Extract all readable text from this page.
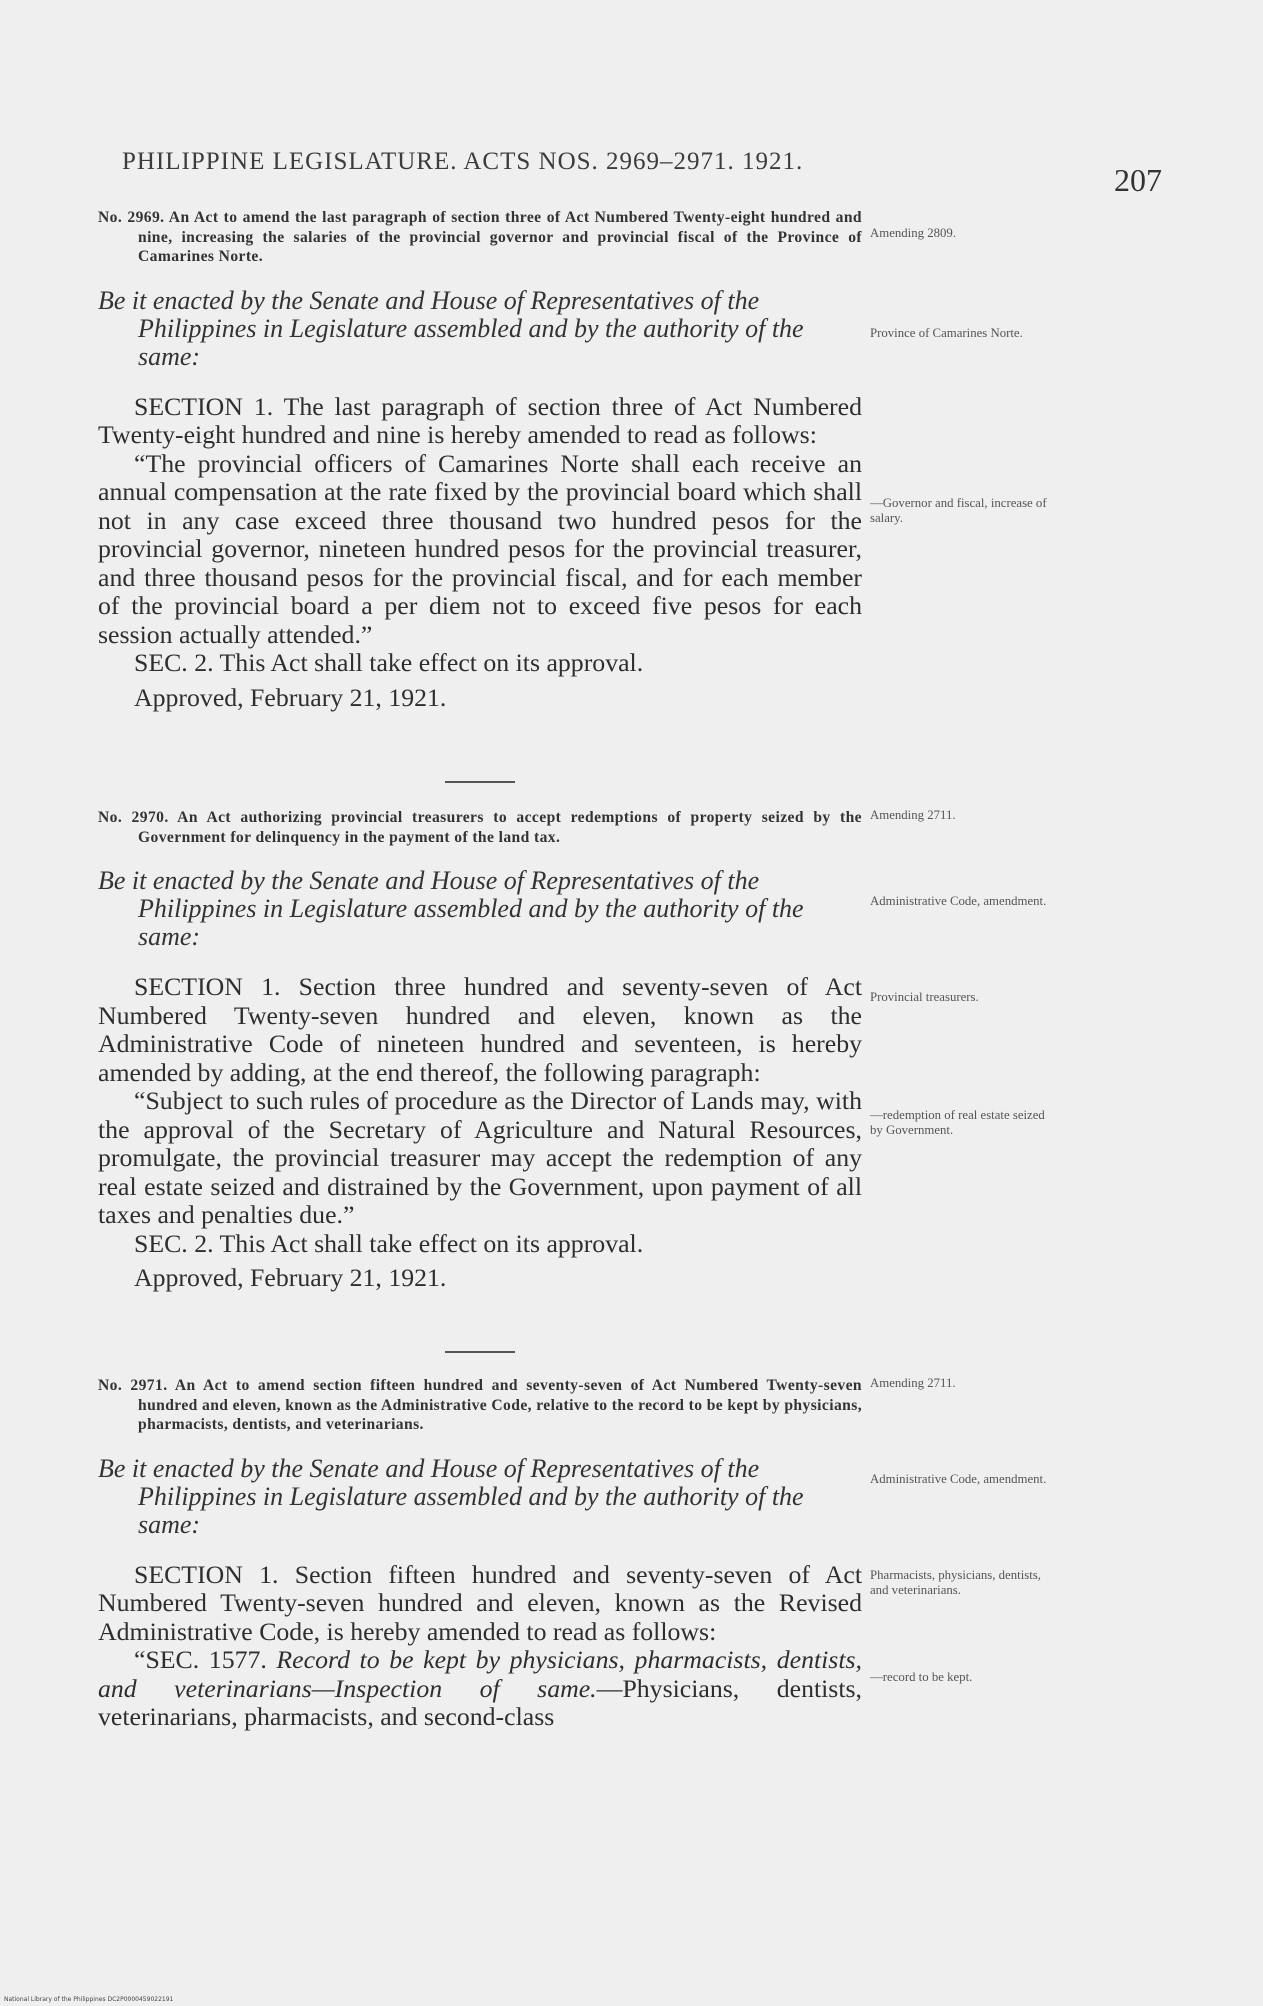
PHILIPPINE LEGISLATURE. ACTS NOS. 2969–2971. 1921.
207
No. 2969. An Act to amend the last paragraph of section three of Act Numbered Twenty-eight hundred and nine, increasing the salaries of the provincial governor and provincial fiscal of the Province of Camarines Norte.
Be it enacted by the Senate and House of Representatives of the Philippines in Legislature assembled and by the authority of the same:

SECTION 1. The last paragraph of section three of Act Numbered Twenty-eight hundred and nine is hereby amended to read as follows:

“The provincial officers of Camarines Norte shall each receive an annual compensation at the rate fixed by the provincial board which shall not in any case exceed three thousand two hundred pesos for the provincial governor, nineteen hundred pesos for the provincial treasurer, and three thousand pesos for the provincial fiscal, and for each member of the provincial board a per diem not to exceed five pesos for each session actually attended.”

SEC. 2. This Act shall take effect on its approval.

Approved, February 21, 1921.

Amending 2809.
Province of Camarines Norte.
—Governor and fiscal, increase of salary.
No. 2970. An Act authorizing provincial treasurers to accept redemptions of property seized by the Government for delinquency in the payment of the land tax.
Be it enacted by the Senate and House of Representatives of the Philippines in Legislature assembled and by the authority of the same:

SECTION 1. Section three hundred and seventy-seven of Act Numbered Twenty-seven hundred and eleven, known as the Administrative Code of nineteen hundred and seventeen, is hereby amended by adding, at the end thereof, the following paragraph:

“Subject to such rules of procedure as the Director of Lands may, with the approval of the Secretary of Agriculture and Natural Resources, promulgate, the provincial treasurer may accept the redemption of any real estate seized and distrained by the Government, upon payment of all taxes and penalties due.”

SEC. 2. This Act shall take effect on its approval.

Approved, February 21, 1921.

Amending 2711.
Administrative Code, amendment.
Provincial treasurers.
—redemption of real estate seized by Government.
No. 2971. An Act to amend section fifteen hundred and seventy-seven of Act Numbered Twenty-seven hundred and eleven, known as the Administrative Code, relative to the record to be kept by physicians, pharmacists, dentists, and veterinarians.
Be it enacted by the Senate and House of Representatives of the Philippines in Legislature assembled and by the authority of the same:

SECTION 1. Section fifteen hundred and seventy-seven of Act Numbered Twenty-seven hundred and eleven, known as the Revised Administrative Code, is hereby amended to read as follows:

“SEC. 1577. Record to be kept by physicians, pharmacists, dentists, and veterinarians—Inspection of same.—Physicians, dentists, veterinarians, pharmacists, and second-class

Amending 2711.
Administrative Code, amendment.
Pharmacists, physicians, dentists, and veterinarians.
—record to be kept.
National Library of the Philippines DC2P0000459022191
